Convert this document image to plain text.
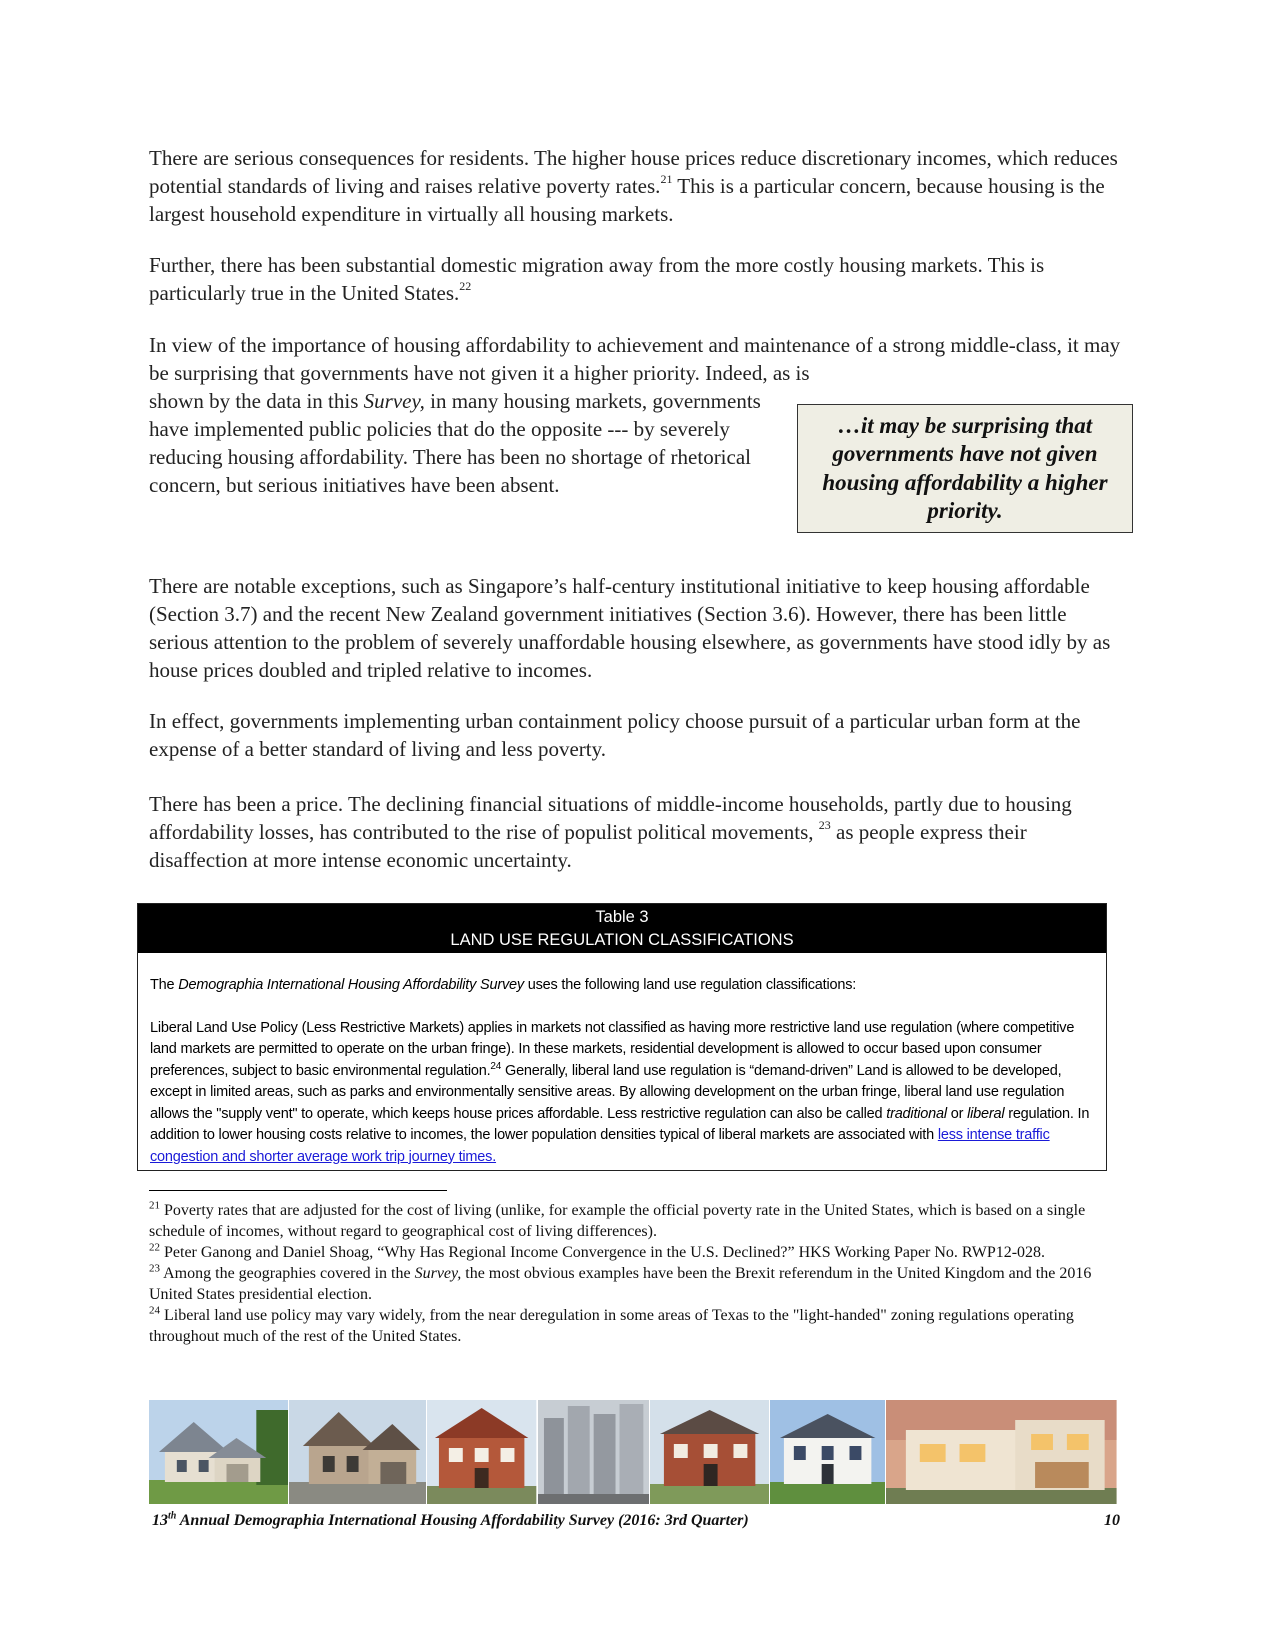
There are serious consequences for residents. The higher house prices reduce discretionary incomes, which reduces potential standards of living and raises relative poverty rates.$^{21}$ This is a particular concern, because housing is the largest household expenditure in virtually all housing markets.

Further, there has been substantial domestic migration away from the more costly housing markets. This is particularly true in the United States.$^{22}$

In view of the importance of housing affordability to achievement and maintenance of a strong middle-class, it may be surprising that governments have not given it a higher priority. Indeed, as is

shown by the data in this Survey, in many housing markets, governments have implemented public policies that do the opposite --- by severely reducing housing affordability. There has been no shortage of rhetorical concern, but serious initiatives have been absent.

…it may be surprising that governments have not given housing affordability a higher priority.

There are notable exceptions, such as Singapore’s half-century institutional initiative to keep housing affordable (Section 3.7) and the recent New Zealand government initiatives (Section 3.6). However, there has been little serious attention to the problem of severely unaffordable housing elsewhere, as governments have stood idly by as house prices doubled and tripled relative to incomes.

In effect, governments implementing urban containment policy choose pursuit of a particular urban form at the expense of a better standard of living and less poverty.

There has been a price. The declining financial situations of middle-income households, partly due to housing affordability losses, has contributed to the rise of populist political movements, $^{23}$ as people express their disaffection at more intense economic uncertainty.

Table 3
LAND USE REGULATION CLASSIFICATIONS

The Demographia International Housing Affordability Survey uses the following land use regulation classifications:

Liberal Land Use Policy (Less Restrictive Markets) applies in markets not classified as having more restrictive land use regulation (where competitive land markets are permitted to operate on the urban fringe). In these markets, residential development is allowed to occur based upon consumer preferences, subject to basic environmental regulation.$^{24}$ Generally, liberal land use regulation is “demand-driven” Land is allowed to be developed, except in limited areas, such as parks and environmentally sensitive areas. By allowing development on the urban fringe, liberal land use regulation allows the "supply vent" to operate, which keeps house prices affordable. Less restrictive regulation can also be called traditional or liberal regulation. In addition to lower housing costs relative to incomes, the lower population densities typical of liberal markets are associated with less intense traffic congestion and shorter average work trip journey times.

$^{21}$ Poverty rates that are adjusted for the cost of living (unlike, for example the official poverty rate in the United States, which is based on a single schedule of incomes, without regard to geographical cost of living differences).

$^{22}$ Peter Ganong and Daniel Shoag, “Why Has Regional Income Convergence in the U.S. Declined?” HKS Working Paper No. RWP12-028.

$^{23}$ Among the geographies covered in the Survey, the most obvious examples have been the Brexit referendum in the United Kingdom and the 2016 United States presidential election.

$^{24}$ Liberal land use policy may vary widely, from the near deregulation in some areas of Texas to the "light-handed" zoning regulations operating throughout much of the rest of the United States.

13th Annual Demographia International Housing Affordability Survey (2016: 3rd Quarter)	10
